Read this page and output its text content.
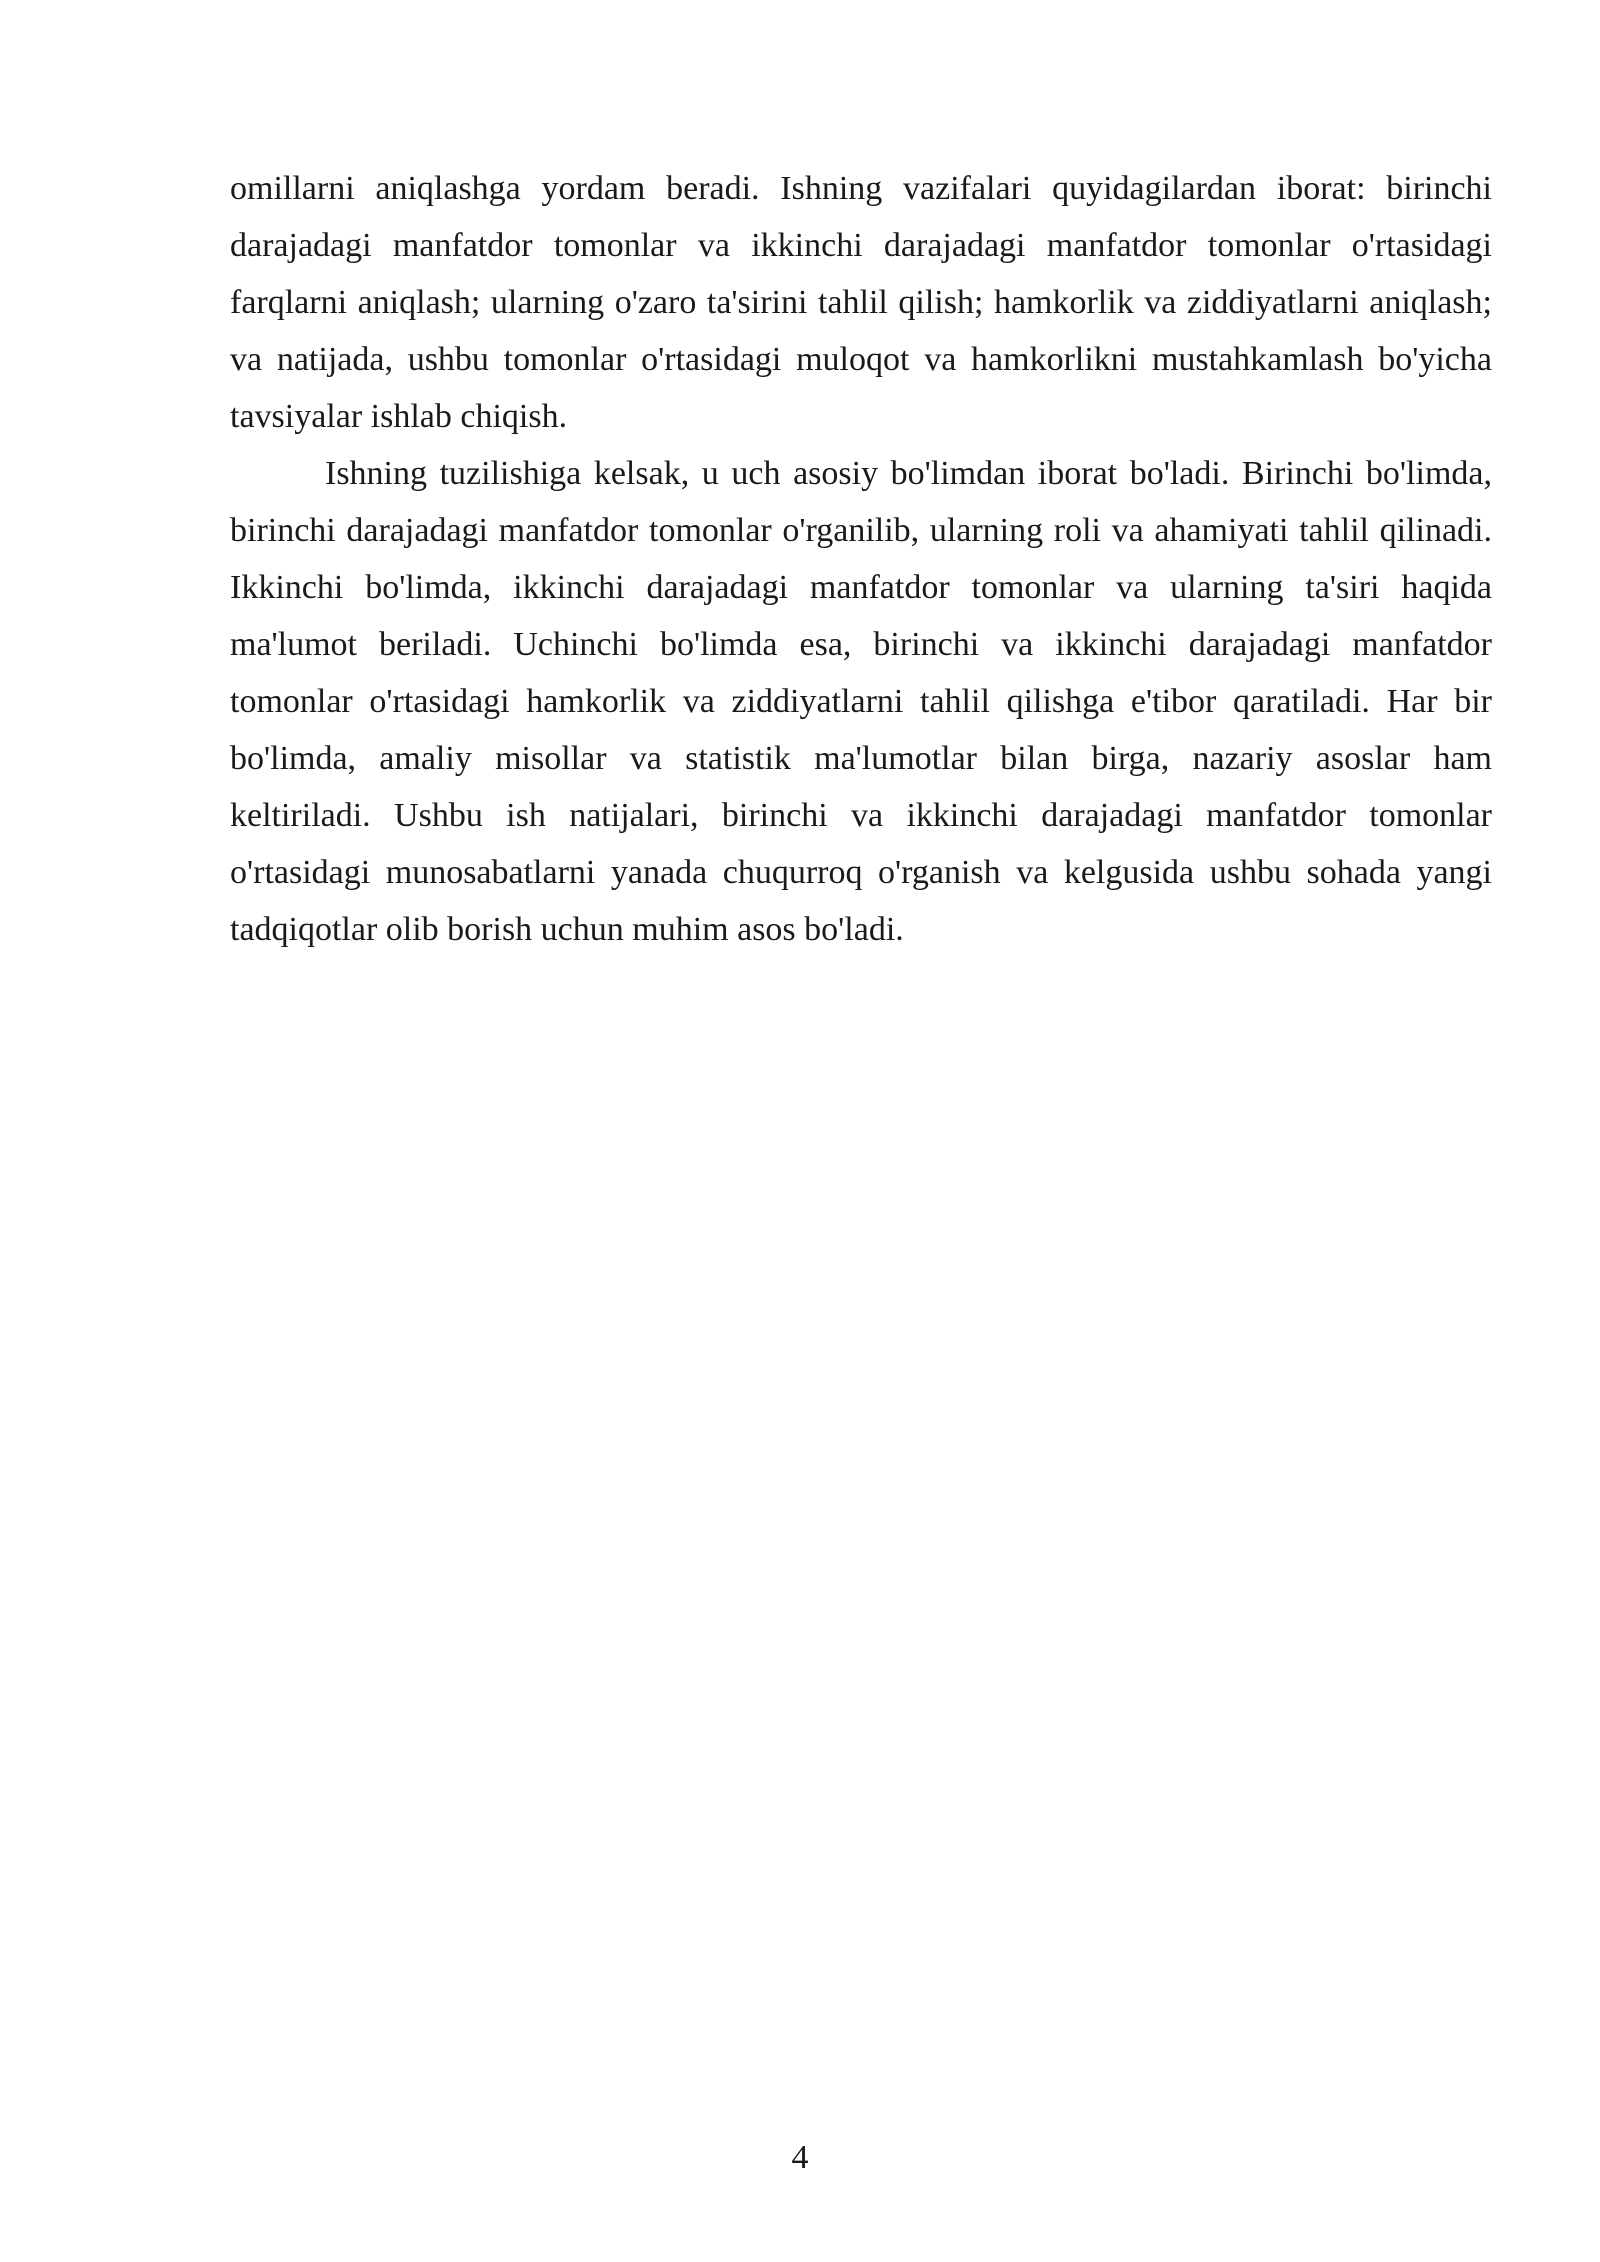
omillarni aniqlashga yordam beradi. Ishning vazifalari quyidagilardan iborat: birinchi darajadagi manfatdor tomonlar va ikkinchi darajadagi manfatdor tomonlar o'rtasidagi farqlarni aniqlash; ularning o'zaro ta'sirini tahlil qilish; hamkorlik va ziddiyatlarni aniqlash; va natijada, ushbu tomonlar o'rtasidagi muloqot va hamkorlikni mustahkamlash bo'yicha tavsiyalar ishlab chiqish.

Ishning tuzilishiga kelsak, u uch asosiy bo'limdan iborat bo'ladi. Birinchi bo'limda, birinchi darajadagi manfatdor tomonlar o'rganilib, ularning roli va ahamiyati tahlil qilinadi. Ikkinchi bo'limda, ikkinchi darajadagi manfatdor tomonlar va ularning ta'siri haqida ma'lumot beriladi. Uchinchi bo'limda esa, birinchi va ikkinchi darajadagi manfatdor tomonlar o'rtasidagi hamkorlik va ziddiyatlarni tahlil qilishga e'tibor qaratiladi. Har bir bo'limda, amaliy misollar va statistik ma'lumotlar bilan birga, nazariy asoslar ham keltiriladi. Ushbu ish natijalari, birinchi va ikkinchi darajadagi manfatdor tomonlar o'rtasidagi munosabatlarni yanada chuqurroq o'rganish va kelgusida ushbu sohada yangi tadqiqotlar olib borish uchun muhim asos bo'ladi.

4
